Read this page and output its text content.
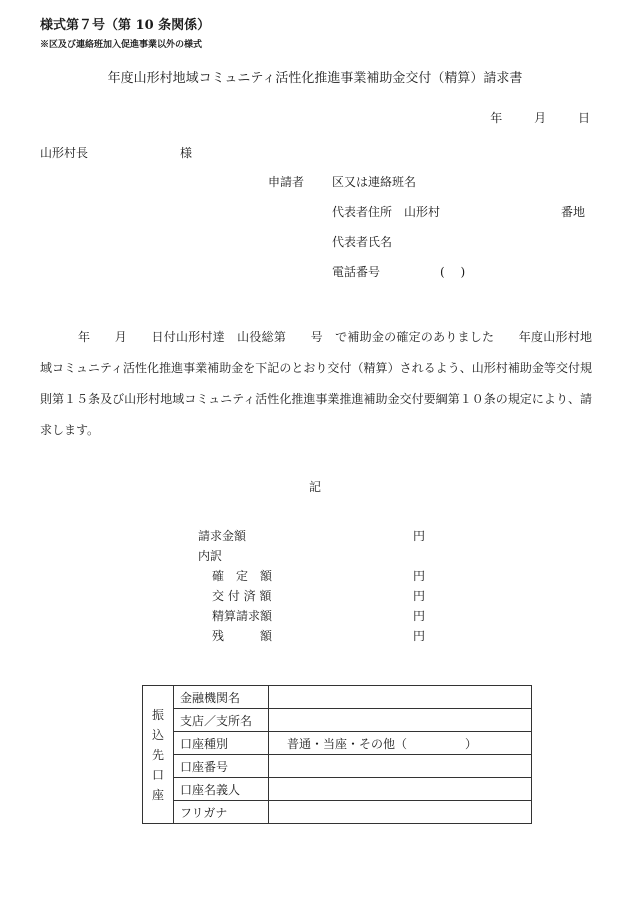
様式第７号（第 10 条関係）
※区及び連絡班加入促進事業以外の様式
年度山形村地域コミュニティ活性化推進事業補助金交付（精算）請求書
年	月	日
山形村長	様
申請者 区又は連絡班名
代表者住所 山形村	番地
代表者氏名
電話番号	(　 )
年　　月　　日付山形村達　山役総第　　号　で補助金の確定のありました　　年度山形村地域コミュニティ活性化推進事業補助金を下記のとおり交付（精算）されるよう、山形村補助金等交付規則第１５条及び山形村地域コミュニティ活性化推進事業推進補助金交付要綱第１０条の規定により、請求します。
記
請求金額	円
内訳
確　定　額	円
交 付 済 額	円
精算請求額	円
残　　　額	円
振
込
先
口
座	金融機関名	
	支店／支所名	
	口座種別	普通・当座・その他（ ）
	口座番号	
	口座名義人	
	フリガナ	
